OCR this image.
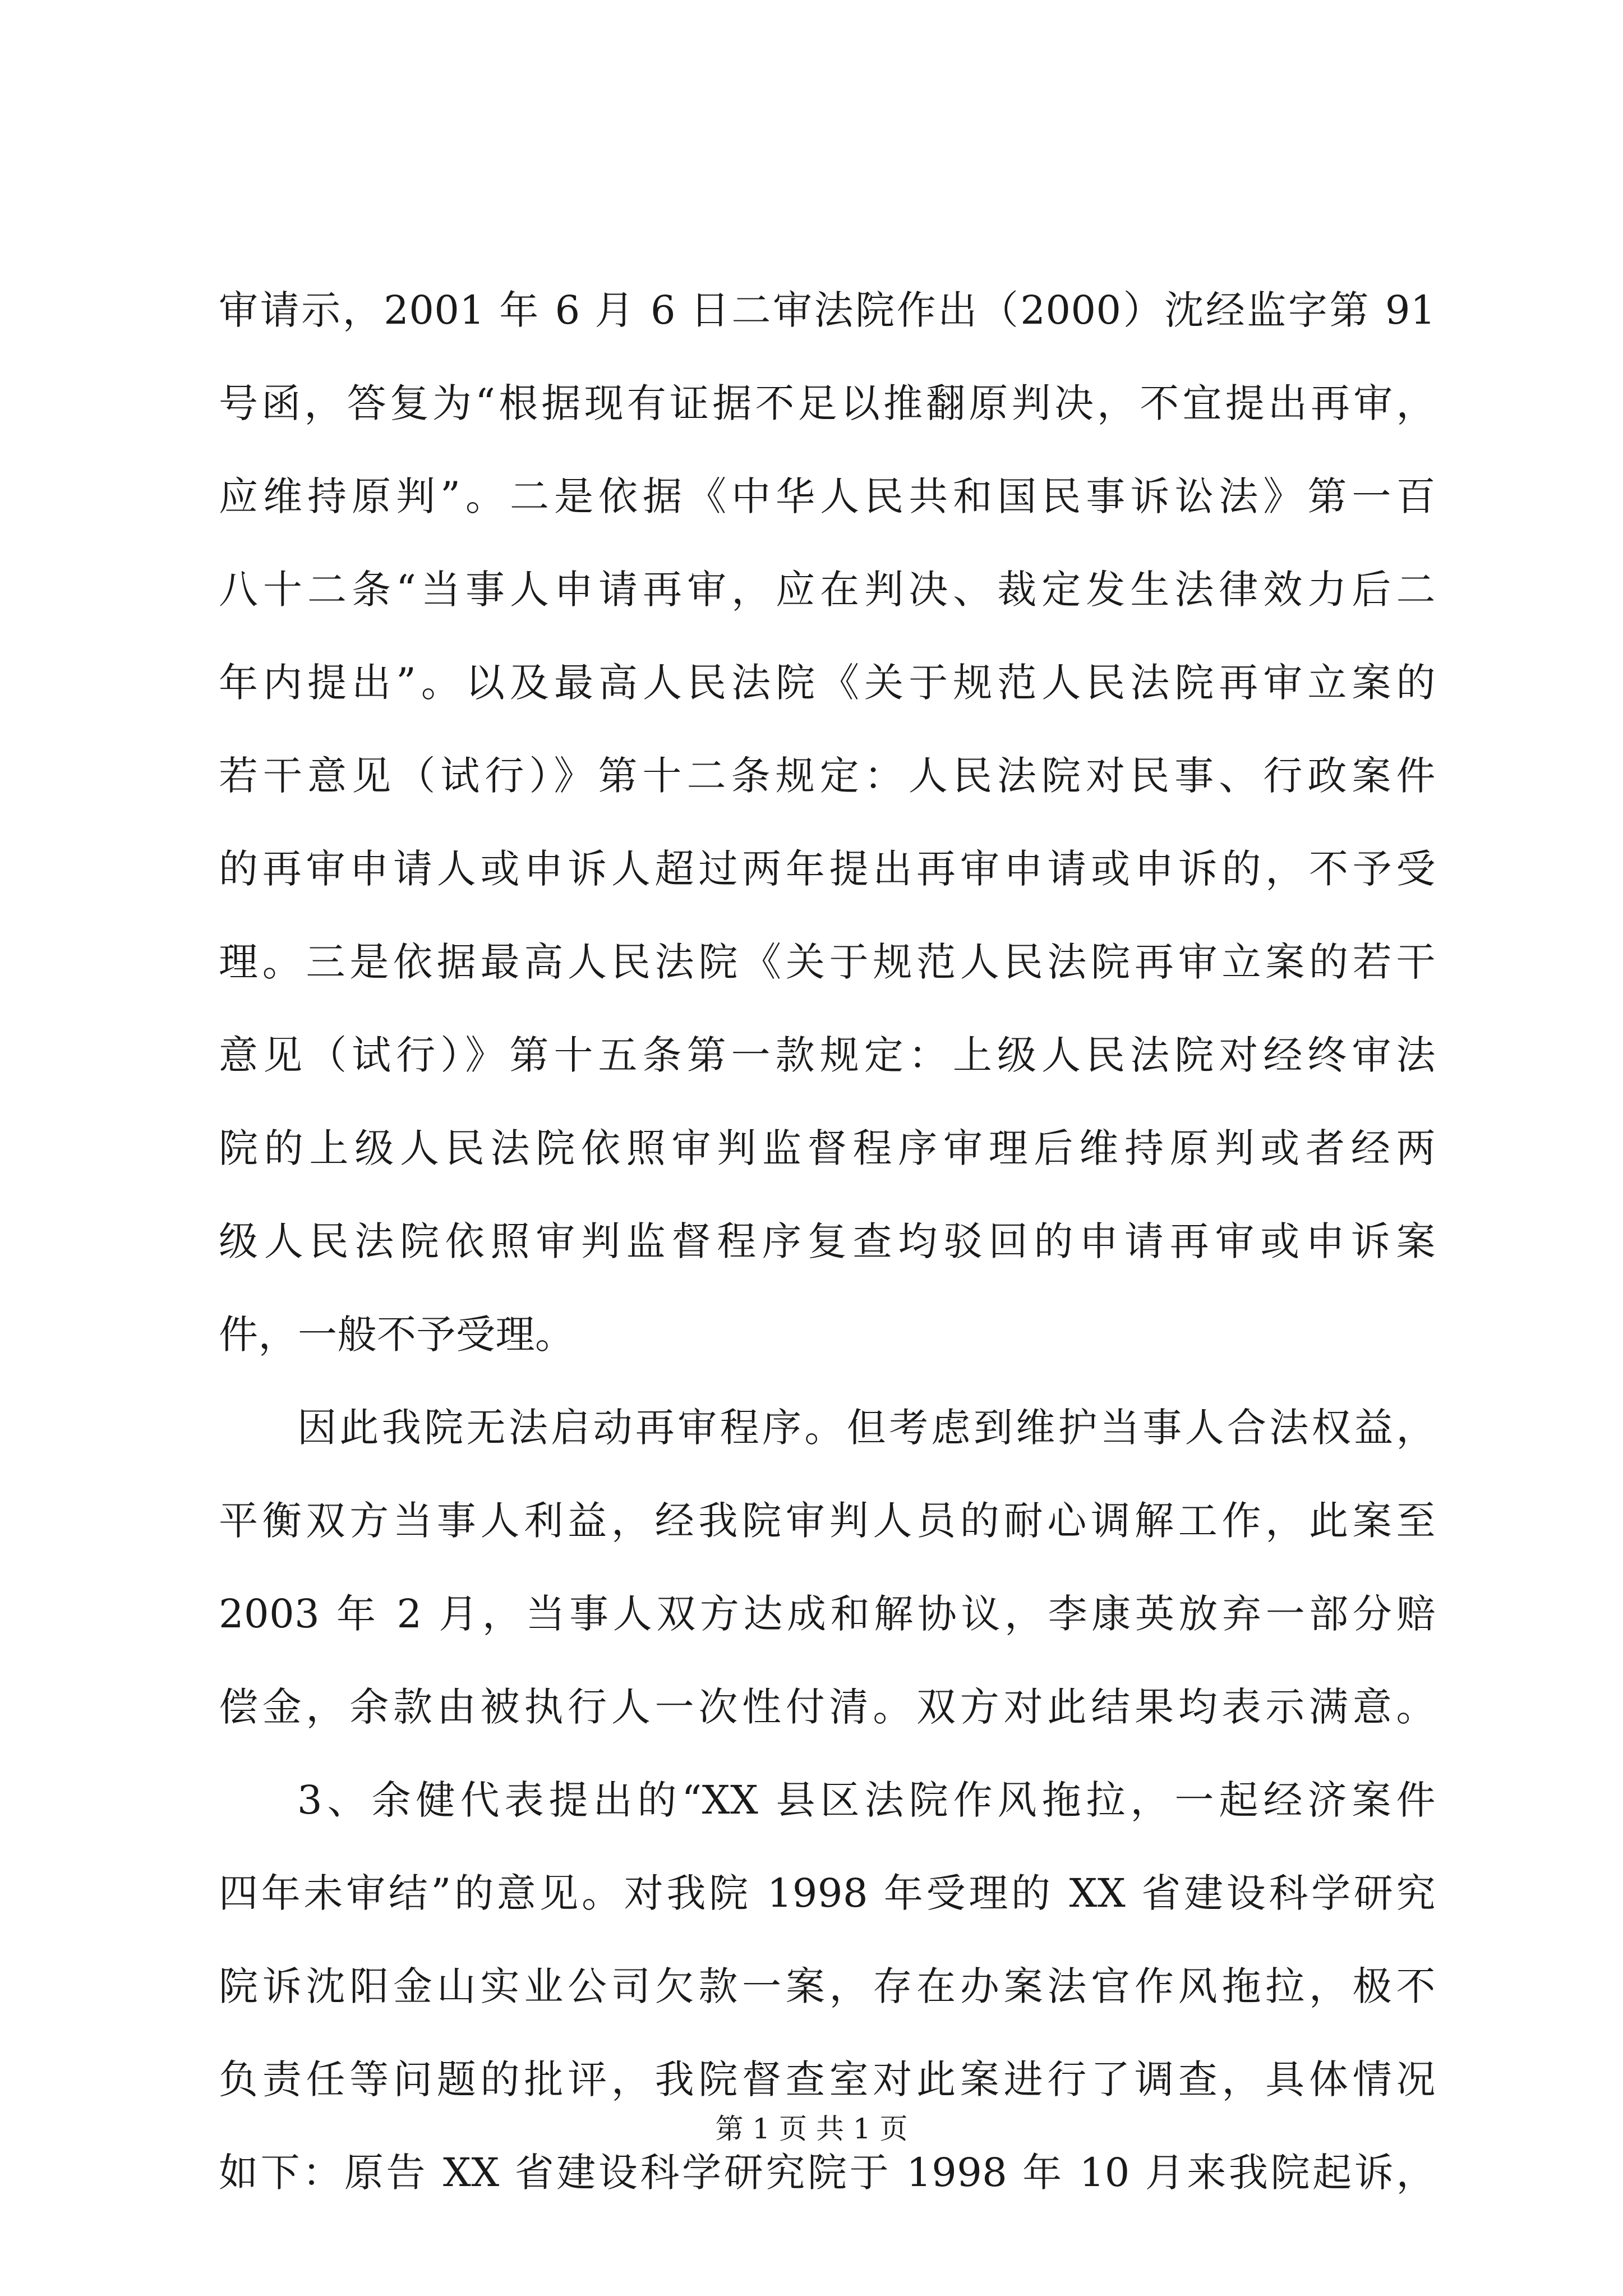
审请示，2001 年 6 月 6 日二审法院作出（2000）沈经监字第 91
号函，答复为“根据现有证据不足以推翻原判决，不宜提出再审，
应维持原判”。二是依据《中华人民共和国民事诉讼法》第一百
八十二条“当事人申请再审，应在判决、裁定发生法律效力后二
年内提出”。以及最高人民法院《关于规范人民法院再审立案的
若干意见（试行）》第十二条规定：人民法院对民事、行政案件
的再审申请人或申诉人超过两年提出再审申请或申诉的，不予受
理。三是依据最高人民法院《关于规范人民法院再审立案的若干
意见（试行）》第十五条第一款规定：上级人民法院对经终审法
院的上级人民法院依照审判监督程序审理后维持原判或者经两
级人民法院依照审判监督程序复查均驳回的申请再审或申诉案
件，一般不予受理。
因此我院无法启动再审程序。但考虑到维护当事人合法权益，
平衡双方当事人利益，经我院审判人员的耐心调解工作，此案至
2003 年 2 月，当事人双方达成和解协议，李康英放弃一部分赔
偿金，余款由被执行人一次性付清。双方对此结果均表示满意。
3、余健代表提出的“XX 县区法院作风拖拉，一起经济案件
四年未审结”的意见。对我院 1998 年受理的 XX 省建设科学研究
院诉沈阳金山实业公司欠款一案，存在办案法官作风拖拉，极不
负责任等问题的批评，我院督查室对此案进行了调查，具体情况
如下：原告 XX 省建设科学研究院于 1998 年 10 月来我院起诉，
第 1 页 共 1 页
